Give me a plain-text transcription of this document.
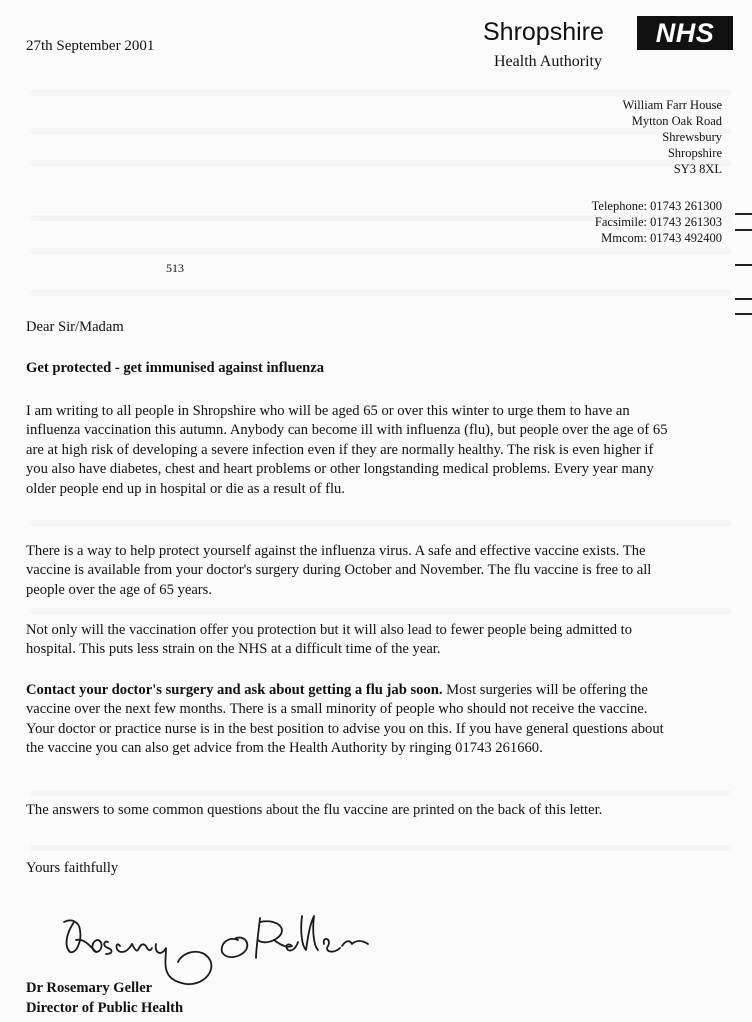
27th September 2001	Shropshire	NHS
Health Authority
William Farr House
Mytton Oak Road
Shrewsbury
Shropshire
SY3 8XL
Telephone: 01743 261300
Facsimile: 01743 261303
Mmcom: 01743 492400
513
Dear Sir/Madam
Get protected - get immunised against influenza
I am writing to all people in Shropshire who will be aged 65 or over this winter to urge them to have an influenza vaccination this autumn. Anybody can become ill with influenza (flu), but people over the age of 65 are at high risk of developing a severe infection even if they are normally healthy. The risk is even higher if you also have diabetes, chest and heart problems or other longstanding medical problems. Every year many older people end up in hospital or die as a result of flu.
There is a way to help protect yourself against the influenza virus. A safe and effective vaccine exists. The vaccine is available from your doctor's surgery during October and November. The flu vaccine is free to all people over the age of 65 years.
Not only will the vaccination offer you protection but it will also lead to fewer people being admitted to hospital. This puts less strain on the NHS at a difficult time of the year.
Contact your doctor's surgery and ask about getting a flu jab soon. Most surgeries will be offering the vaccine over the next few months. There is a small minority of people who should not receive the vaccine. Your doctor or practice nurse is in the best position to advise you on this. If you have general questions about the vaccine you can also get advice from the Health Authority by ringing 01743 261660.
The answers to some common questions about the flu vaccine are printed on the back of this letter.
Yours faithfully
Dr Rosemary Geller
Director of Public Health
